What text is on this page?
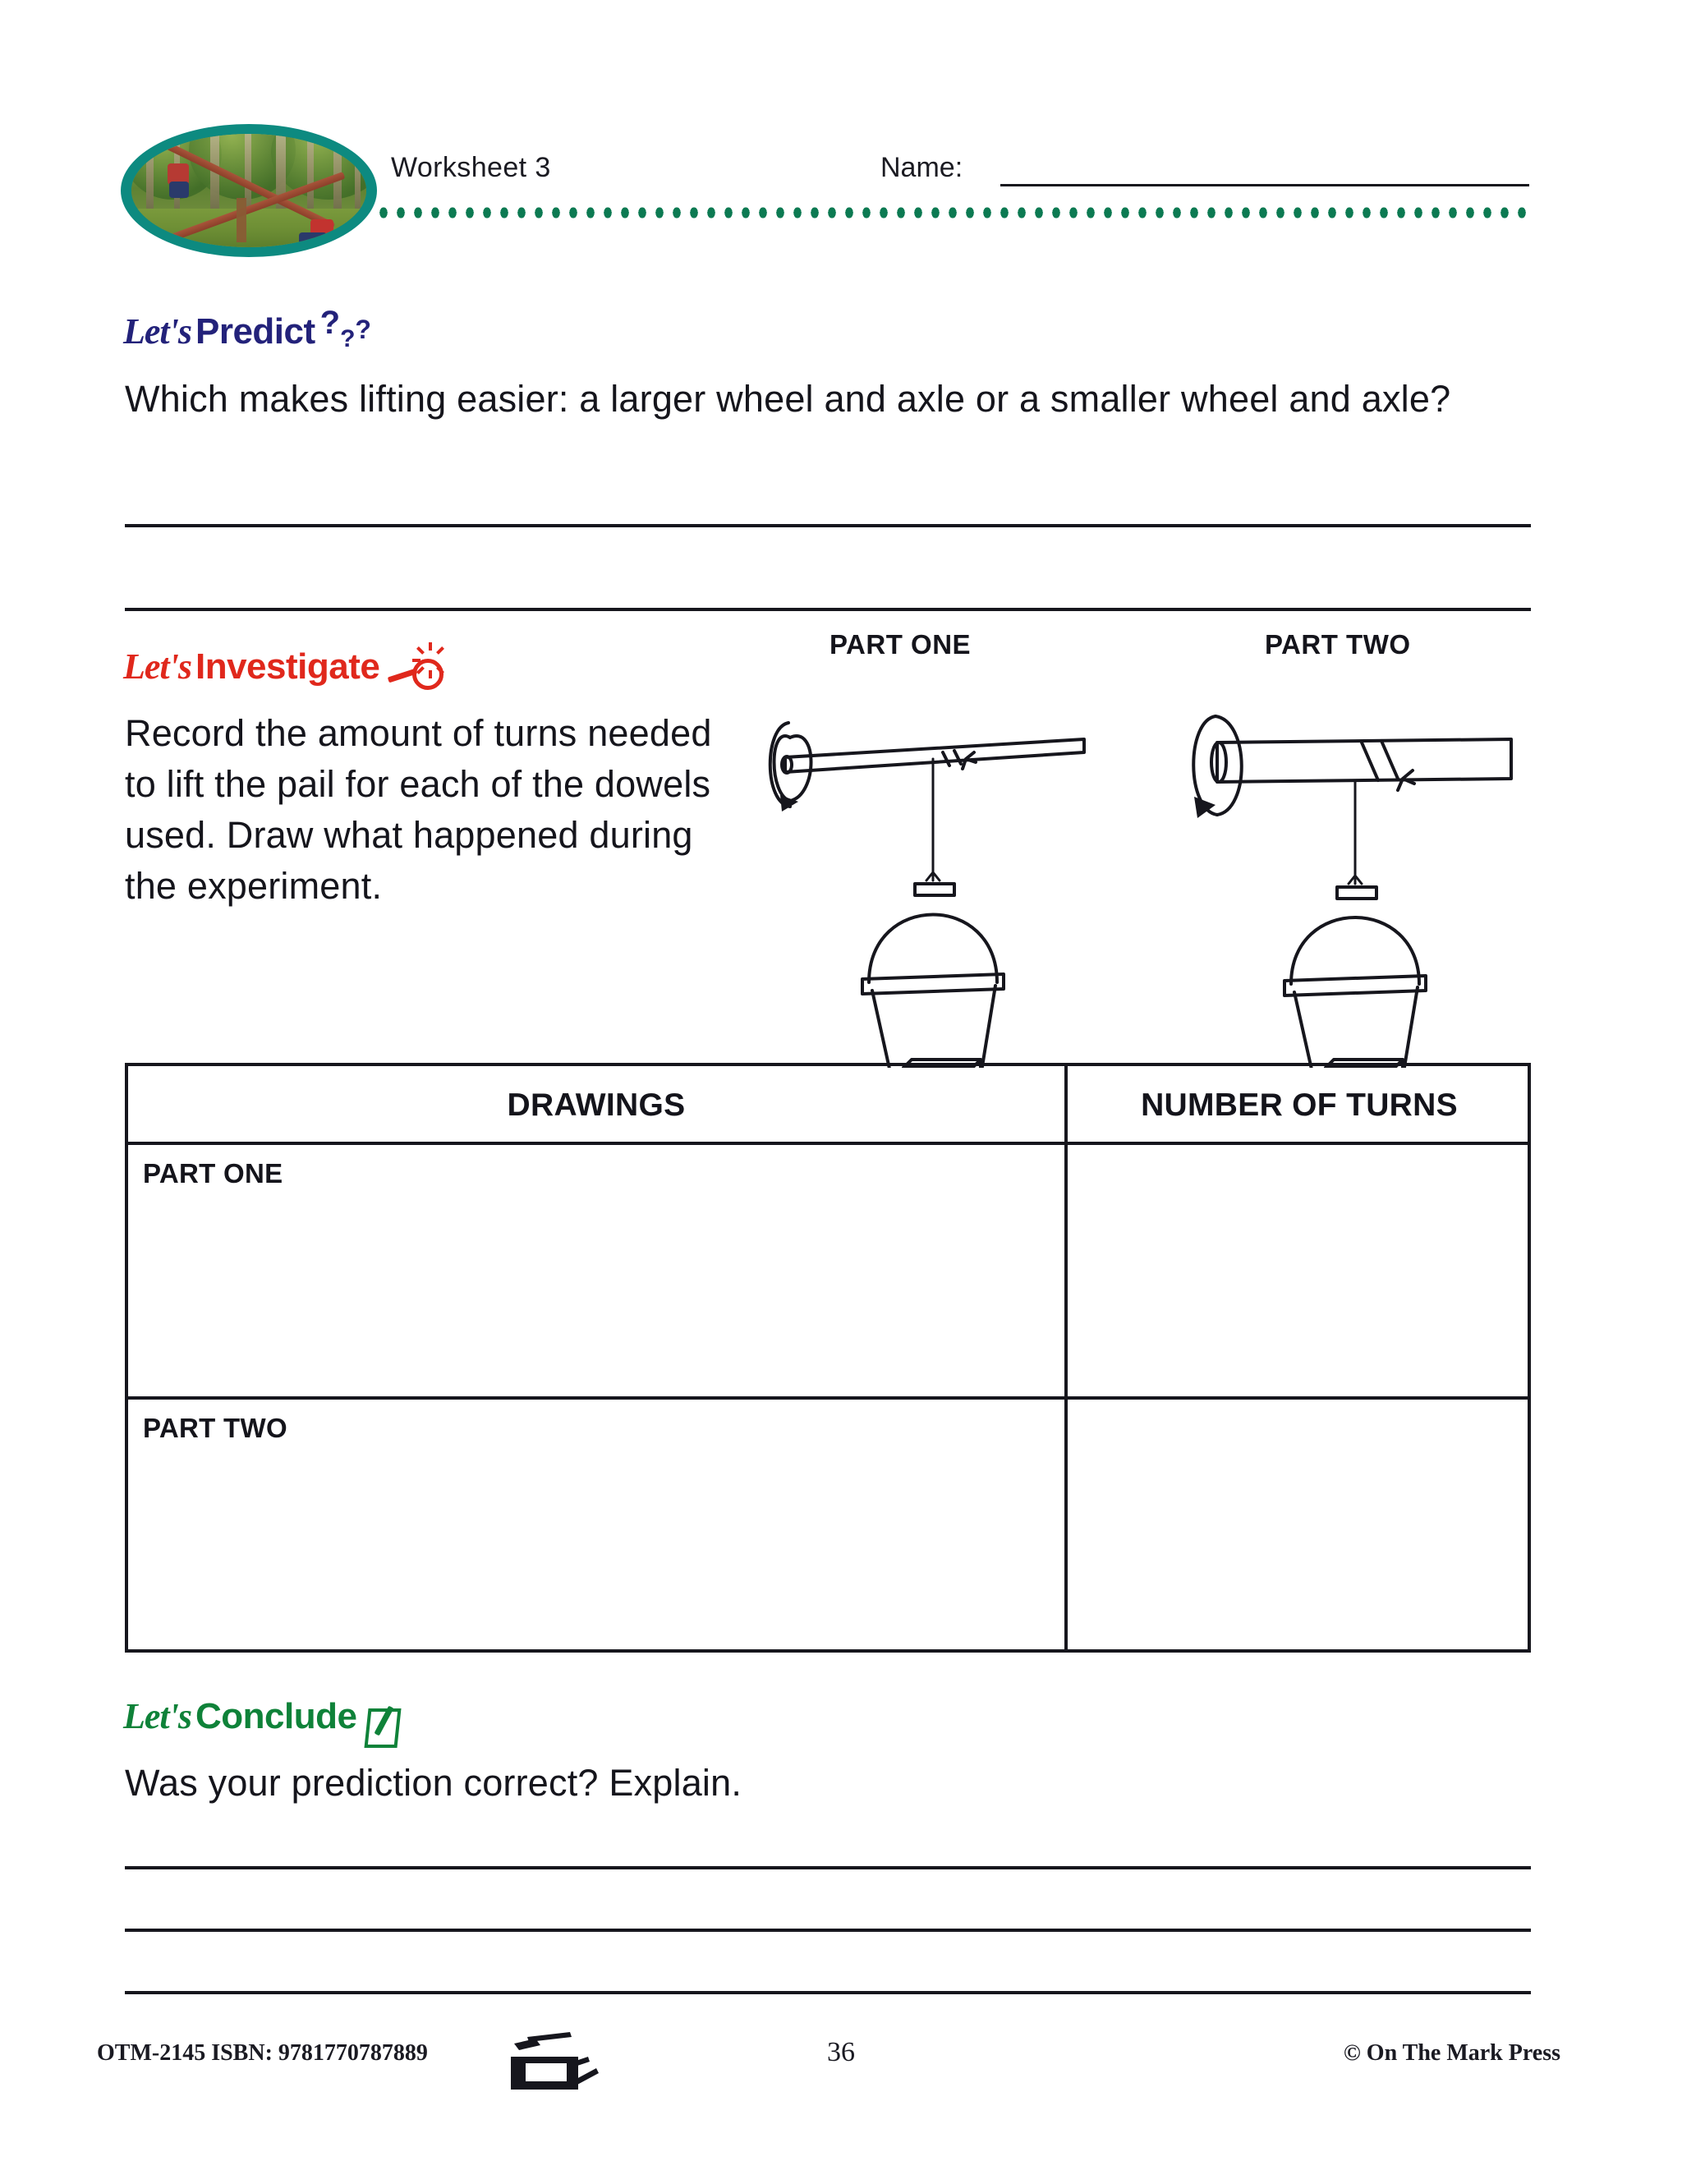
Worksheet 3	Name:
Let's Predict ???
Which makes lifting easier: a larger wheel and axle or a smaller wheel and axle?
Let's Investigate
Record the amount of turns needed to lift the pail for each of the dowels used. Draw what happened during the experiment.
PART ONE	PART TWO
DRAWINGS	NUMBER OF TURNS
PART ONE
PART TWO
Let's Conclude
Was your prediction correct? Explain.
OTM-2145 ISBN: 9781770787889	36	© On The Mark Press
